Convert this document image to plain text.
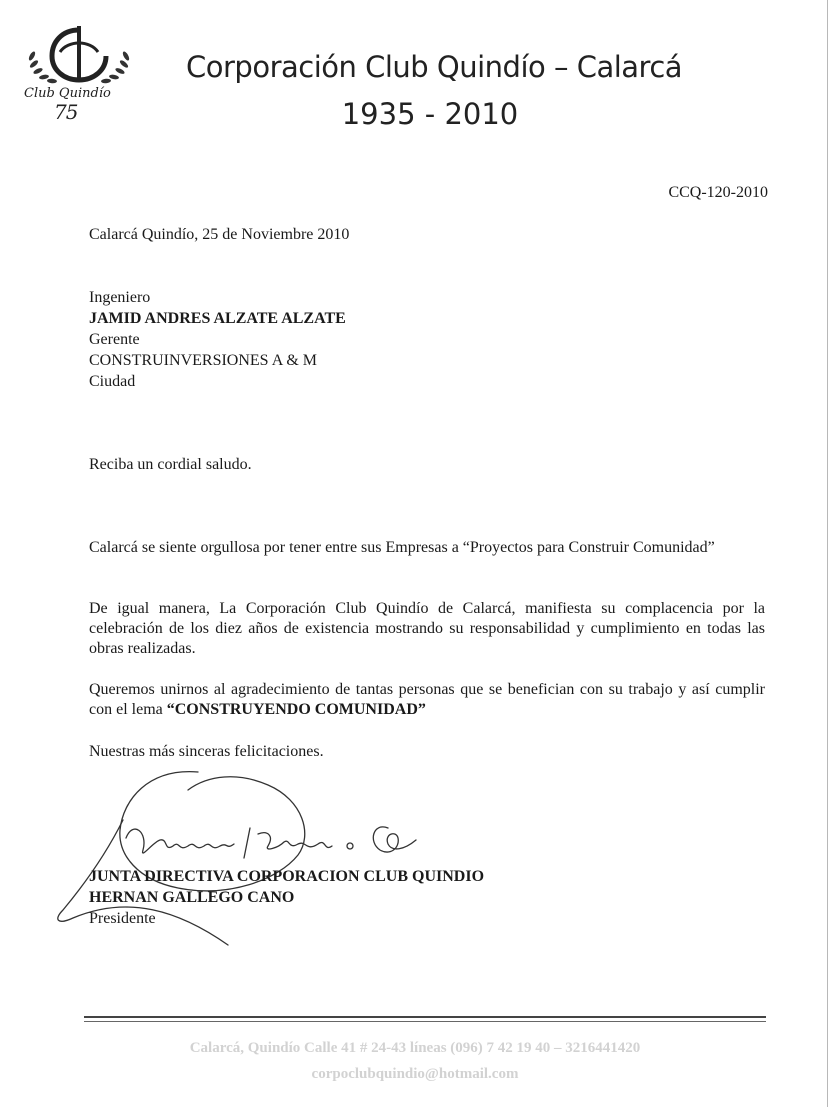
Club Quindío
75
Corporación Club Quindío – Calarcá
1935 - 2010
CCQ-120-2010
Calarcá Quindío, 25 de Noviembre 2010
Ingeniero
JAMID ANDRES ALZATE ALZATE
Gerente
CONSTRUINVERSIONES A & M
Ciudad
Reciba un cordial saludo.
Calarcá se siente orgullosa por tener entre sus Empresas a “Proyectos para Construir Comunidad”
De igual manera, La Corporación Club Quindío de Calarcá, manifiesta su complacencia por la celebración de los diez años de existencia mostrando su responsabilidad y cumplimiento en todas las obras realizadas.
Queremos unirnos al agradecimiento de tantas personas que se benefician con su trabajo y así cumplir con el lema “CONSTRUYENDO COMUNIDAD”
Nuestras más sinceras felicitaciones.
JUNTA DIRECTIVA CORPORACION CLUB QUINDIO
HERNAN GALLEGO CANO
Presidente
Calarcá, Quindío Calle 41 # 24-43 líneas (096) 7 42 19 40 – 3216441420
corpoclubquindio@hotmail.com
